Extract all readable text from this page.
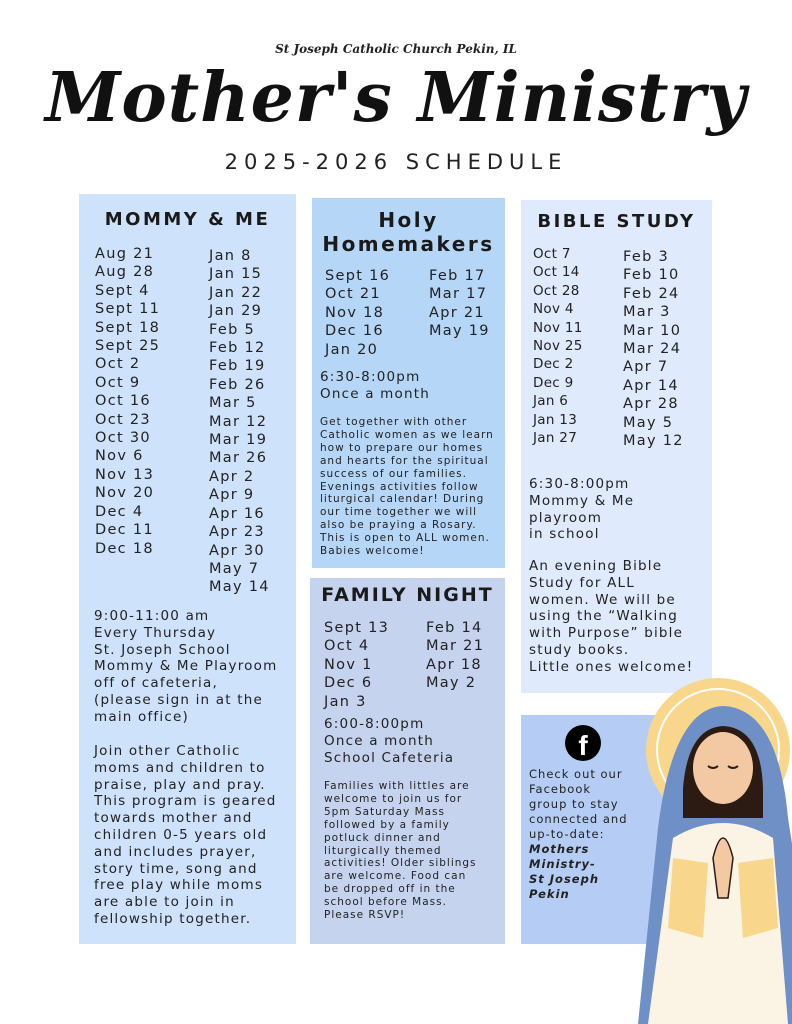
St Joseph Catholic Church Pekin, IL
Mother's Ministry
2025-2026 SCHEDULE
MOMMY & ME
Aug 21
Aug 28
Sept 4
Sept 11
Sept 18
Sept 25
Oct 2
Oct 9
Oct 16
Oct 23
Oct 30
Nov 6
Nov 13
Nov 20
Dec 4
Dec 11
Dec 18
Jan 8
Jan 15
Jan 22
Jan 29
Feb 5
Feb 12
Feb 19
Feb 26
Mar 5
Mar 12
Mar 19
Mar 26
Apr 2
Apr 9
Apr 16
Apr 23
Apr 30
May 7
May 14
9:00-11:00 am
Every Thursday
St. Joseph School
Mommy & Me Playroom
off of cafeteria,
(please sign in at the
main office)
Join other Catholic
moms and children to
praise, play and pray.
This program is geared
towards mother and
children 0-5 years old
and includes prayer,
story time, song and
free play while moms
are able to join in
fellowship together.
Holy
Homemakers
Sept 16
Oct 21
Nov 18
Dec 16
Jan 20
Feb 17
Mar 17
Apr 21
May 19
6:30-8:00pm
Once a month
Get together with other
Catholic women as we learn
how to prepare our homes
and hearts for the spiritual
success of our families.
Evenings activities follow
liturgical calendar! During
our time together we will
also be praying a Rosary.
This is open to ALL women.
Babies welcome!
FAMILY NIGHT
Sept 13
Oct 4
Nov 1
Dec 6
Jan 3
Feb 14
Mar 21
Apr 18
May 2
6:00-8:00pm
Once a month
School Cafeteria
Families with littles are
welcome to join us for
5pm Saturday Mass
followed by a family
potluck dinner and
liturgically themed
activities! Older siblings
are welcome. Food can
be dropped off in the
school before Mass.
Please RSVP!
BIBLE STUDY
Oct 7
Oct 14
Oct 28
Nov 4
Nov 11
Nov 25
Dec 2
Dec 9
Jan 6
Jan 13
Jan 27
Feb 3
Feb 10
Feb 24
Mar 3
Mar 10
Mar 24
Apr 7
Apr 14
Apr 28
May 5
May 12
6:30-8:00pm
Mommy & Me
playroom
in school
An evening Bible
Study for ALL
women. We will be
using the “Walking
with Purpose” bible
study books.
Little ones welcome!
f
Check out our
Facebook
group to stay
connected and
up-to-date:
Mothers
Ministry-
St Joseph
Pekin
